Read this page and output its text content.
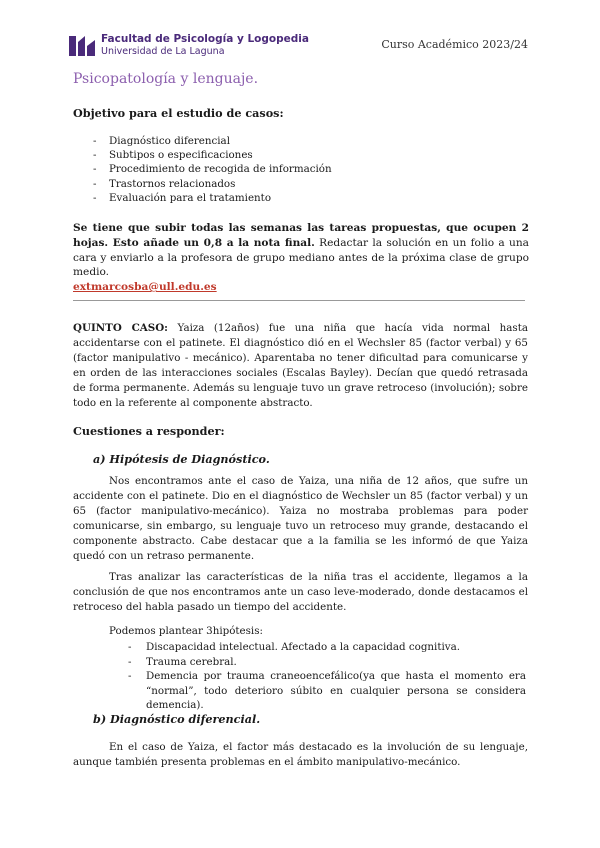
Facultad de Psicología y Logopedia
Universidad de La Laguna
Curso Académico 2023/24
Psicopatología y lenguaje.
Objetivo para el estudio de casos:
- Diagnóstico diferencial
- Subtipos o especificaciones
- Procedimiento de recogida de información
- Trastornos relacionados
- Evaluación para el tratamiento
Se tiene que subir todas las semanas las tareas propuestas, que ocupen 2 hojas. Esto añade un 0,8 a la nota final. Redactar la solución en un folio a una cara y enviarlo a la profesora de grupo mediano antes de la próxima clase de grupo medio.
extmarcosba@ull.edu.es
QUINTO CASO: Yaiza (12años) fue una niña que hacía vida normal hasta accidentarse con el patinete. El diagnóstico dió en el Wechsler 85 (factor verbal) y 65 (factor manipulativo - mecánico). Aparentaba no tener dificultad para comunicarse y en orden de las interacciones sociales (Escalas Bayley). Decían que quedó retrasada de forma permanente. Además su lenguaje tuvo un grave retroceso (involución); sobre todo en la referente al componente abstracto.
Cuestiones a responder:
a) Hipótesis de Diagnóstico.
Nos encontramos ante el caso de Yaiza, una niña de 12 años, que sufre un accidente con el patinete. Dio en el diagnóstico de Wechsler un 85 (factor verbal) y un 65 (factor manipulativo-mecánico). Yaiza no mostraba problemas para poder comunicarse, sin embargo, su lenguaje tuvo un retroceso muy grande, destacando el componente abstracto. Cabe destacar que a la familia se les informó de que Yaiza quedó con un retraso permanente.
Tras analizar las características de la niña tras el accidente, llegamos a la conclusión de que nos encontramos ante un caso leve-moderado, donde destacamos el retroceso del habla pasado un tiempo del accidente.
Podemos plantear 3hipótesis:
- Discapacidad intelectual. Afectado a la capacidad cognitiva.
- Trauma cerebral.
- Demencia por trauma craneoencefálico(ya que hasta el momento era “normal”, todo deterioro súbito en cualquier persona se considera demencia).
b) Diagnóstico diferencial.
En el caso de Yaiza, el factor más destacado es la involución de su lenguaje, aunque también presenta problemas en el ámbito manipulativo-mecánico.
